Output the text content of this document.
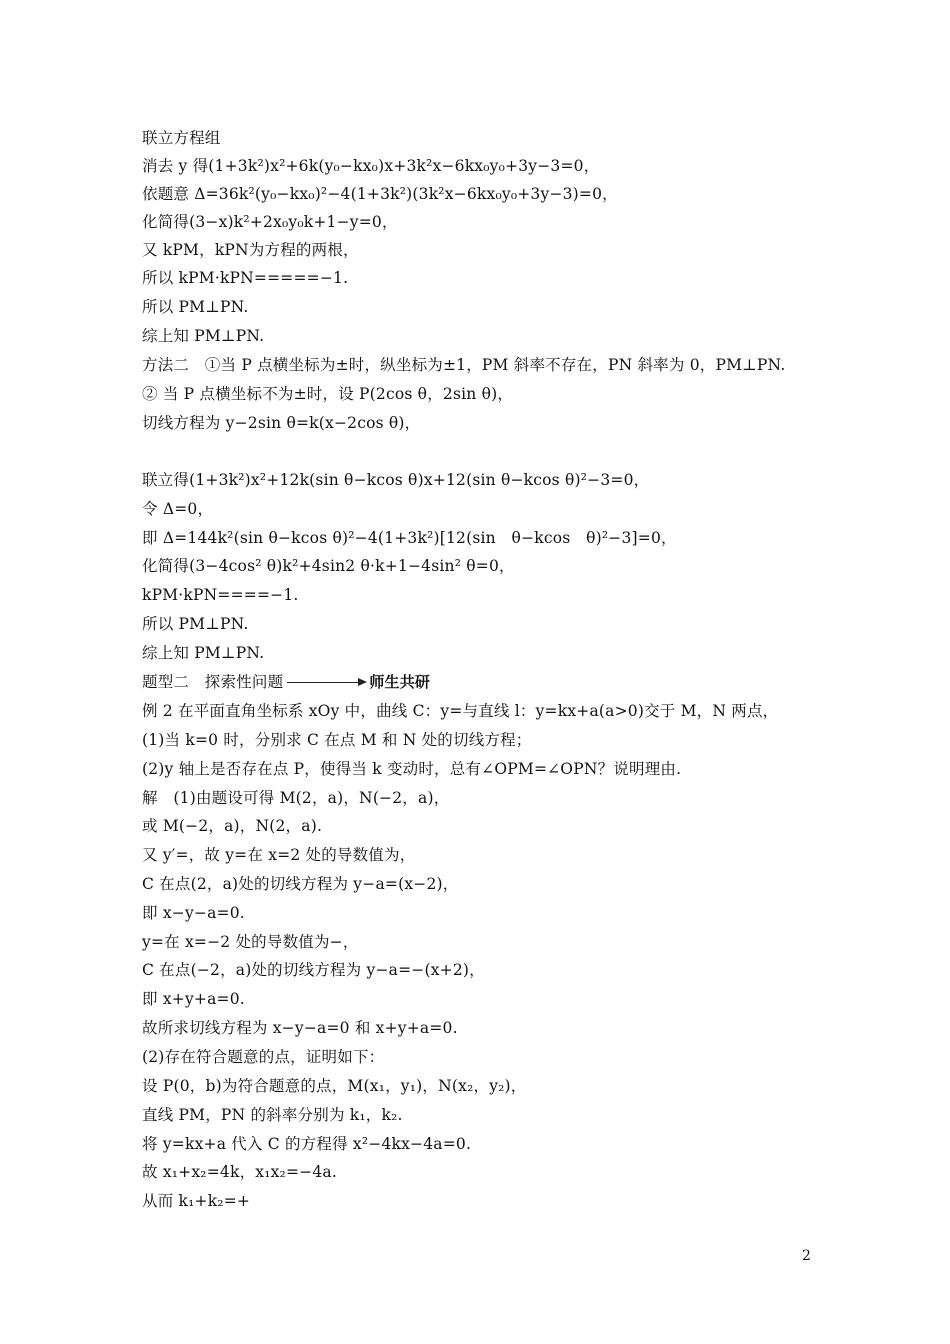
联立方程组
消去 y 得(1+3k²)x²+6k(y₀−kx₀)x+3k²x−6kx₀y₀+3y−3=0，
依题意 Δ=36k²(y₀−kx₀)²−4(1+3k²)(3k²x−6kx₀y₀+3y−3)=0，
化简得(3−x)k²+2x₀y₀k+1−y=0，
又 kPM，kPN为方程的两根，
所以 kPM·kPN=====−1.
所以 PM⊥PN.
综上知 PM⊥PN.
方法二　①当 P 点横坐标为±时，纵坐标为±1，PM 斜率不存在，PN 斜率为 0，PM⊥PN.
② 当 P 点横坐标不为±时，设 P(2cos θ，2sin θ)，
切线方程为 y−2sin θ=k(x−2cos θ)，
联立得(1+3k²)x²+12k(sin θ−kcos θ)x+12(sin θ−kcos θ)²−3=0，
令 Δ=0，
即 Δ=144k²(sin θ−kcos θ)²−4(1+3k²)[12(sin　θ−kcos　θ)²−3]=0，
化简得(3−4cos² θ)k²+4sin2 θ·k+1−4sin² θ=0，
kPM·kPN====−1.
所以 PM⊥PN.
综上知 PM⊥PN.
题型二　探索性问题	师生共研
例 2 在平面直角坐标系 xOy 中，曲线 C：y=与直线 l：y=kx+a(a>0)交于 M，N 两点，
(1)当 k=0 时，分别求 C 在点 M 和 N 处的切线方程；
(2)y 轴上是否存在点 P，使得当 k 变动时，总有∠OPM=∠OPN？说明理由.
解　(1)由题设可得 M(2，a)，N(−2，a)，
或 M(−2，a)，N(2，a).
又 y′=，故 y=在 x=2 处的导数值为，
C 在点(2，a)处的切线方程为 y−a=(x−2)，
即 x−y−a=0.
y=在 x=−2 处的导数值为−，
C 在点(−2，a)处的切线方程为 y−a=−(x+2)，
即 x+y+a=0.
故所求切线方程为 x−y−a=0 和 x+y+a=0.
(2)存在符合题意的点，证明如下：
设 P(0，b)为符合题意的点，M(x₁，y₁)，N(x₂，y₂)，
直线 PM，PN 的斜率分别为 k₁，k₂.
将 y=kx+a 代入 C 的方程得 x²−4kx−4a=0.
故 x₁+x₂=4k，x₁x₂=−4a.
从而 k₁+k₂=+
2
